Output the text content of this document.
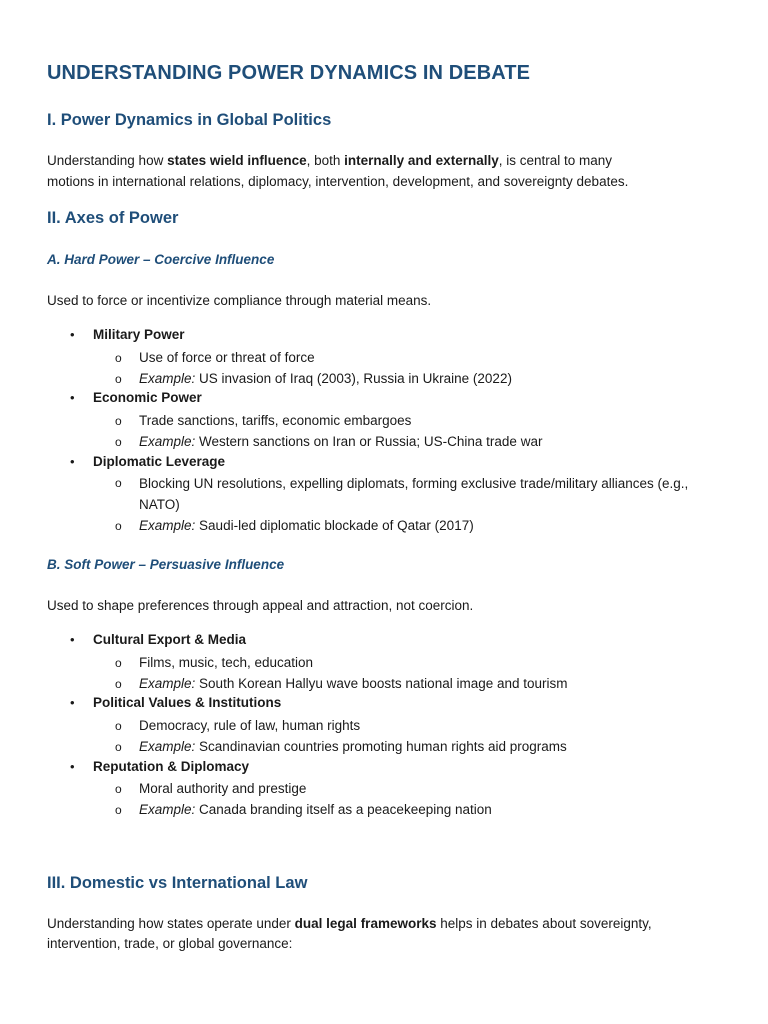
UNDERSTANDING POWER DYNAMICS IN DEBATE
I. Power Dynamics in Global Politics
Understanding how states wield influence, both internally and externally, is central to many
motions in international relations, diplomacy, intervention, development, and sovereignty debates.
II. Axes of Power
A. Hard Power – Coercive Influence
Used to force or incentivize compliance through material means.
• Military Power
o Use of force or threat of force
o Example: US invasion of Iraq (2003), Russia in Ukraine (2022)
• Economic Power
o Trade sanctions, tariffs, economic embargoes
o Example: Western sanctions on Iran or Russia; US-China trade war
• Diplomatic Leverage
o	Blocking UN resolutions, expelling diplomats, forming exclusive trade/military alliances (e.g., NATO)
o Example: Saudi-led diplomatic blockade of Qatar (2017)
B. Soft Power – Persuasive Influence
Used to shape preferences through appeal and attraction, not coercion.
• Cultural Export & Media
o Films, music, tech, education
o Example: South Korean Hallyu wave boosts national image and tourism
• Political Values & Institutions
o Democracy, rule of law, human rights
o Example: Scandinavian countries promoting human rights aid programs
• Reputation & Diplomacy
o Moral authority and prestige
o Example: Canada branding itself as a peacekeeping nation
III. Domestic vs International Law
Understanding how states operate under dual legal frameworks helps in debates about sovereignty,
intervention, trade, or global governance:
